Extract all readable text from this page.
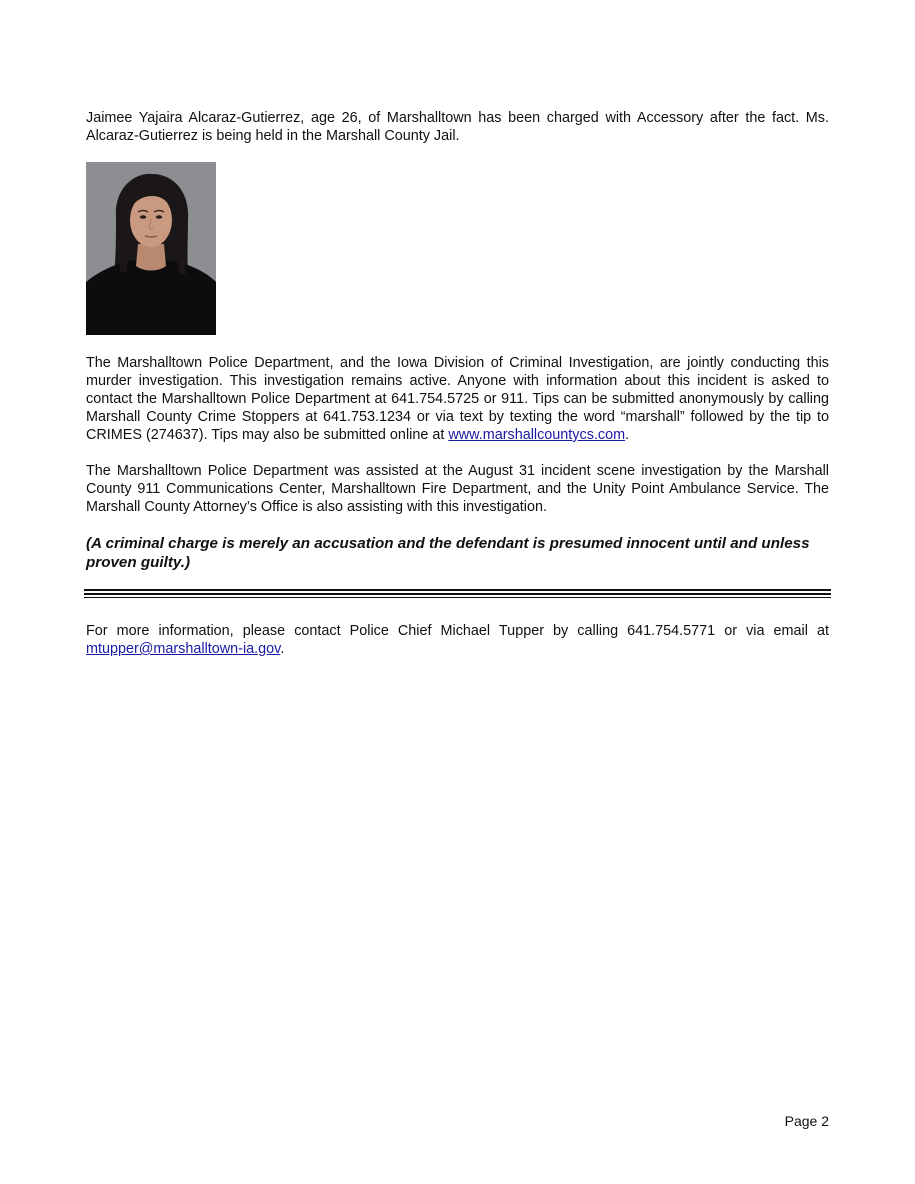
Jaimee Yajaira Alcaraz-Gutierrez, age 26, of Marshalltown has been charged with Accessory after the fact. Ms. Alcaraz-Gutierrez is being held in the Marshall County Jail.

The Marshalltown Police Department, and the Iowa Division of Criminal Investigation, are jointly conducting this murder investigation. This investigation remains active. Anyone with information about this incident is asked to contact the Marshalltown Police Department at 641.754.5725 or 911. Tips can be submitted anonymously by calling Marshall County Crime Stoppers at 641.753.1234 or via text by texting the word “marshall” followed by the tip to CRIMES (274637). Tips may also be submitted online at www.marshallcountycs.com.

The Marshalltown Police Department was assisted at the August 31 incident scene investigation by the Marshall County 911 Communications Center, Marshalltown Fire Department, and the Unity Point Ambulance Service. The Marshall County Attorney’s Office is also assisting with this investigation.

(A criminal charge is merely an accusation and the defendant is presumed innocent until and unless proven guilty.)

For more information, please contact Police Chief Michael Tupper by calling 641.754.5771 or via email at mtupper@marshalltown-ia.gov.

Page 2
